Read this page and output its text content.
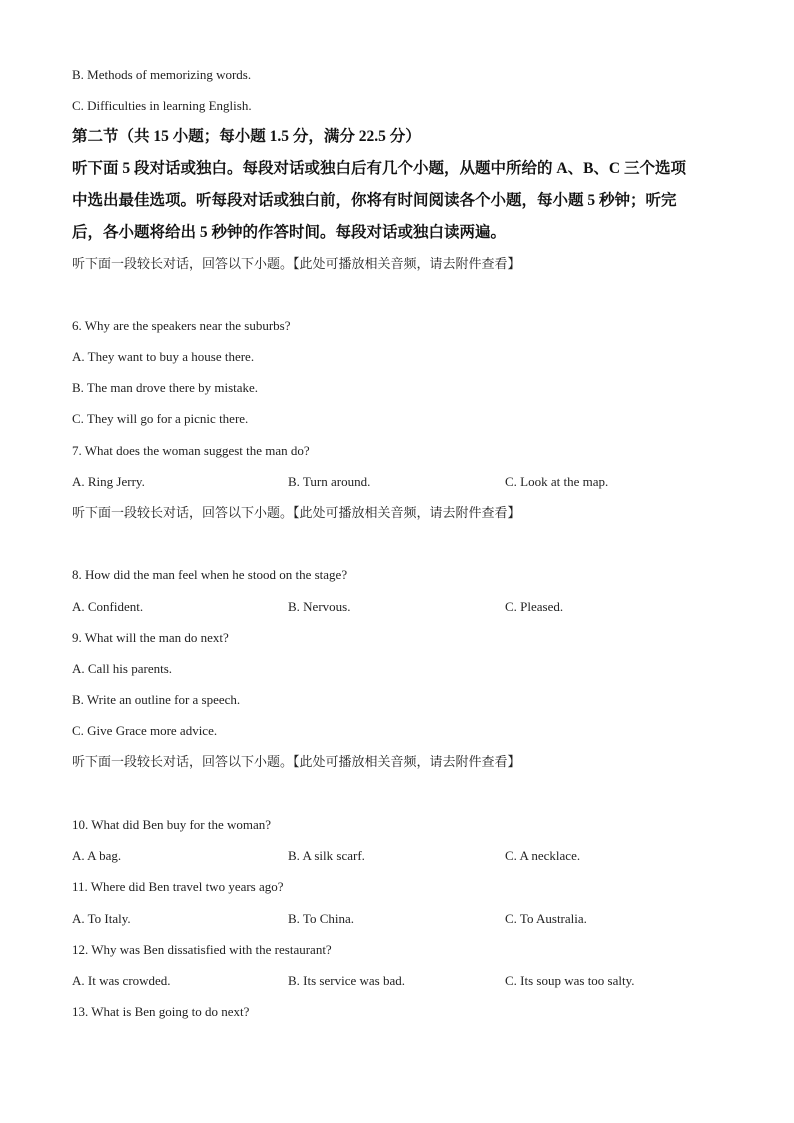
B. Methods of memorizing words.
C. Difficulties in learning English.
第二节（共 15 小题；每小题 1.5 分，满分 22.5 分）
听下面 5 段对话或独白。每段对话或独白后有几个小题，从题中所给的 A、B、C 三个选项
中选出最佳选项。听每段对话或独白前，你将有时间阅读各个小题，每小题 5 秒钟；听完
后，各小题将给出 5 秒钟的作答时间。每段对话或独白读两遍。
听下面一段较长对话，回答以下小题。【此处可播放相关音频，请去附件查看】
6. Why are the speakers near the suburbs?
A. They want to buy a house there.
B. The man drove there by mistake.
C. They will go for a picnic there.
7. What does the woman suggest the man do?
A. Ring Jerry.	B. Turn around.	C. Look at the map.
听下面一段较长对话，回答以下小题。【此处可播放相关音频，请去附件查看】
8. How did the man feel when he stood on the stage?
A. Confident.	B. Nervous.	C. Pleased.
9. What will the man do next?
A. Call his parents.
B. Write an outline for a speech.
C. Give Grace more advice.
听下面一段较长对话，回答以下小题。【此处可播放相关音频，请去附件查看】
10. What did Ben buy for the woman?
A. A bag.	B. A silk scarf.	C. A necklace.
11. Where did Ben travel two years ago?
A. To Italy.	B. To China.	C. To Australia.
12. Why was Ben dissatisfied with the restaurant?
A. It was crowded.	B. Its service was bad.	C. Its soup was too salty.
13. What is Ben going to do next?
